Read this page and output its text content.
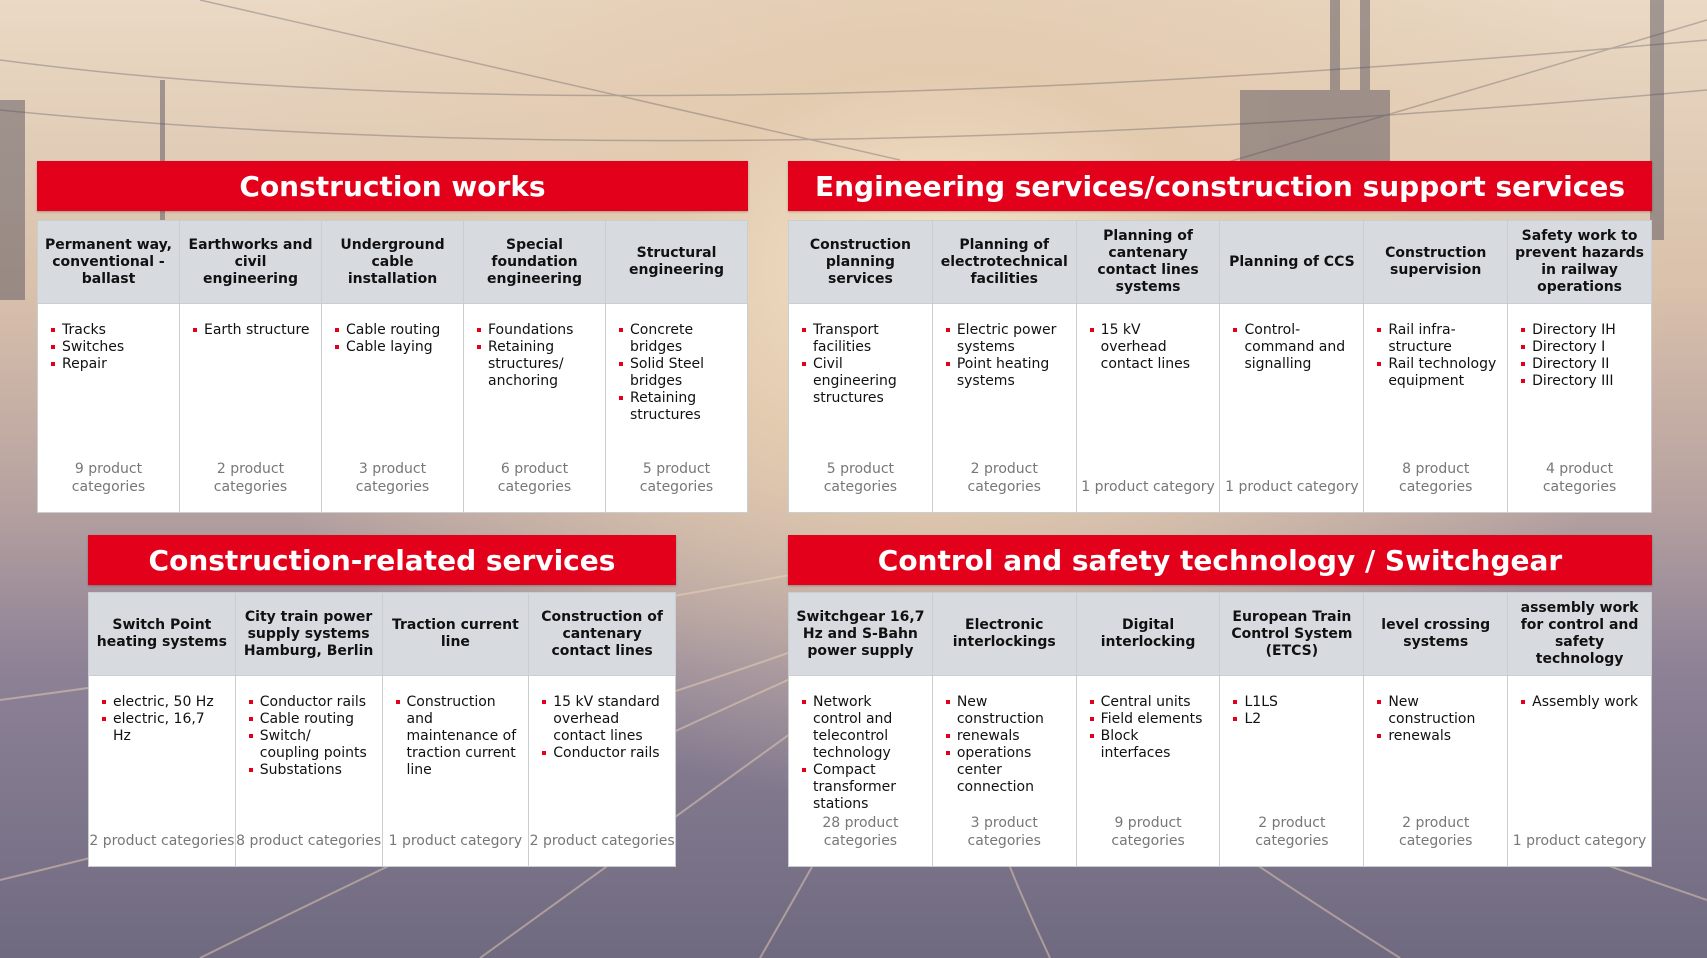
Construction works
Permanent way, conventional - ballast
Tracks
Switches
Repair
9 product categories
Earthworks and civil engineering
Earth structure
2 product categories
Underground cable installation
Cable routing
Cable laying
3 product categories
Special foundation engineering
Foundations
Retaining structures/ anchoring
6 product categories
Structural engineering
Concrete bridges
Solid Steel bridges
Retaining structures
5 product categories
Engineering services/construction support services
Construction planning services
Transport facilities
Civil engineering structures
5 product categories
Planning of electrotechnical facilities
Electric power systems
Point heating systems
2 product categories
Planning of cantenary contact lines systems
15 kV overhead contact lines
1 product category
Planning of CCS
Control-command and signalling
1 product category
Construction supervision
Rail infra-structure
Rail technology equipment
8 product categories
Safety work to prevent hazards in railway operations
Directory IH
Directory I
Directory II
Directory III
4 product categories
Construction-related services
Switch Point heating systems
electric, 50 Hz
electric, 16,7 Hz
2 product categories
City train power supply systems Hamburg, Berlin
Conductor rails
Cable routing
Switch/ coupling points
Substations
8 product categories
Traction current line
Construction and maintenance of traction current line
1 product category
Construction of cantenary contact lines
15 kV standard overhead contact lines
Conductor rails
2 product categories
Control and safety technology / Switchgear
Switchgear 16,7 Hz and S-Bahn power supply
Network control and telecontrol technology
Compact transformer stations
28 product categories
Electronic interlockings
New construction
renewals
operations center connection
3 product categories
Digital interlocking
Central units
Field elements
Block interfaces
9 product categories
European Train Control System (ETCS)
L1LS
L2
2 product categories
level crossing systems
New construction
renewals
2 product categories
assembly work for control and safety technology
Assembly work
1 product category
